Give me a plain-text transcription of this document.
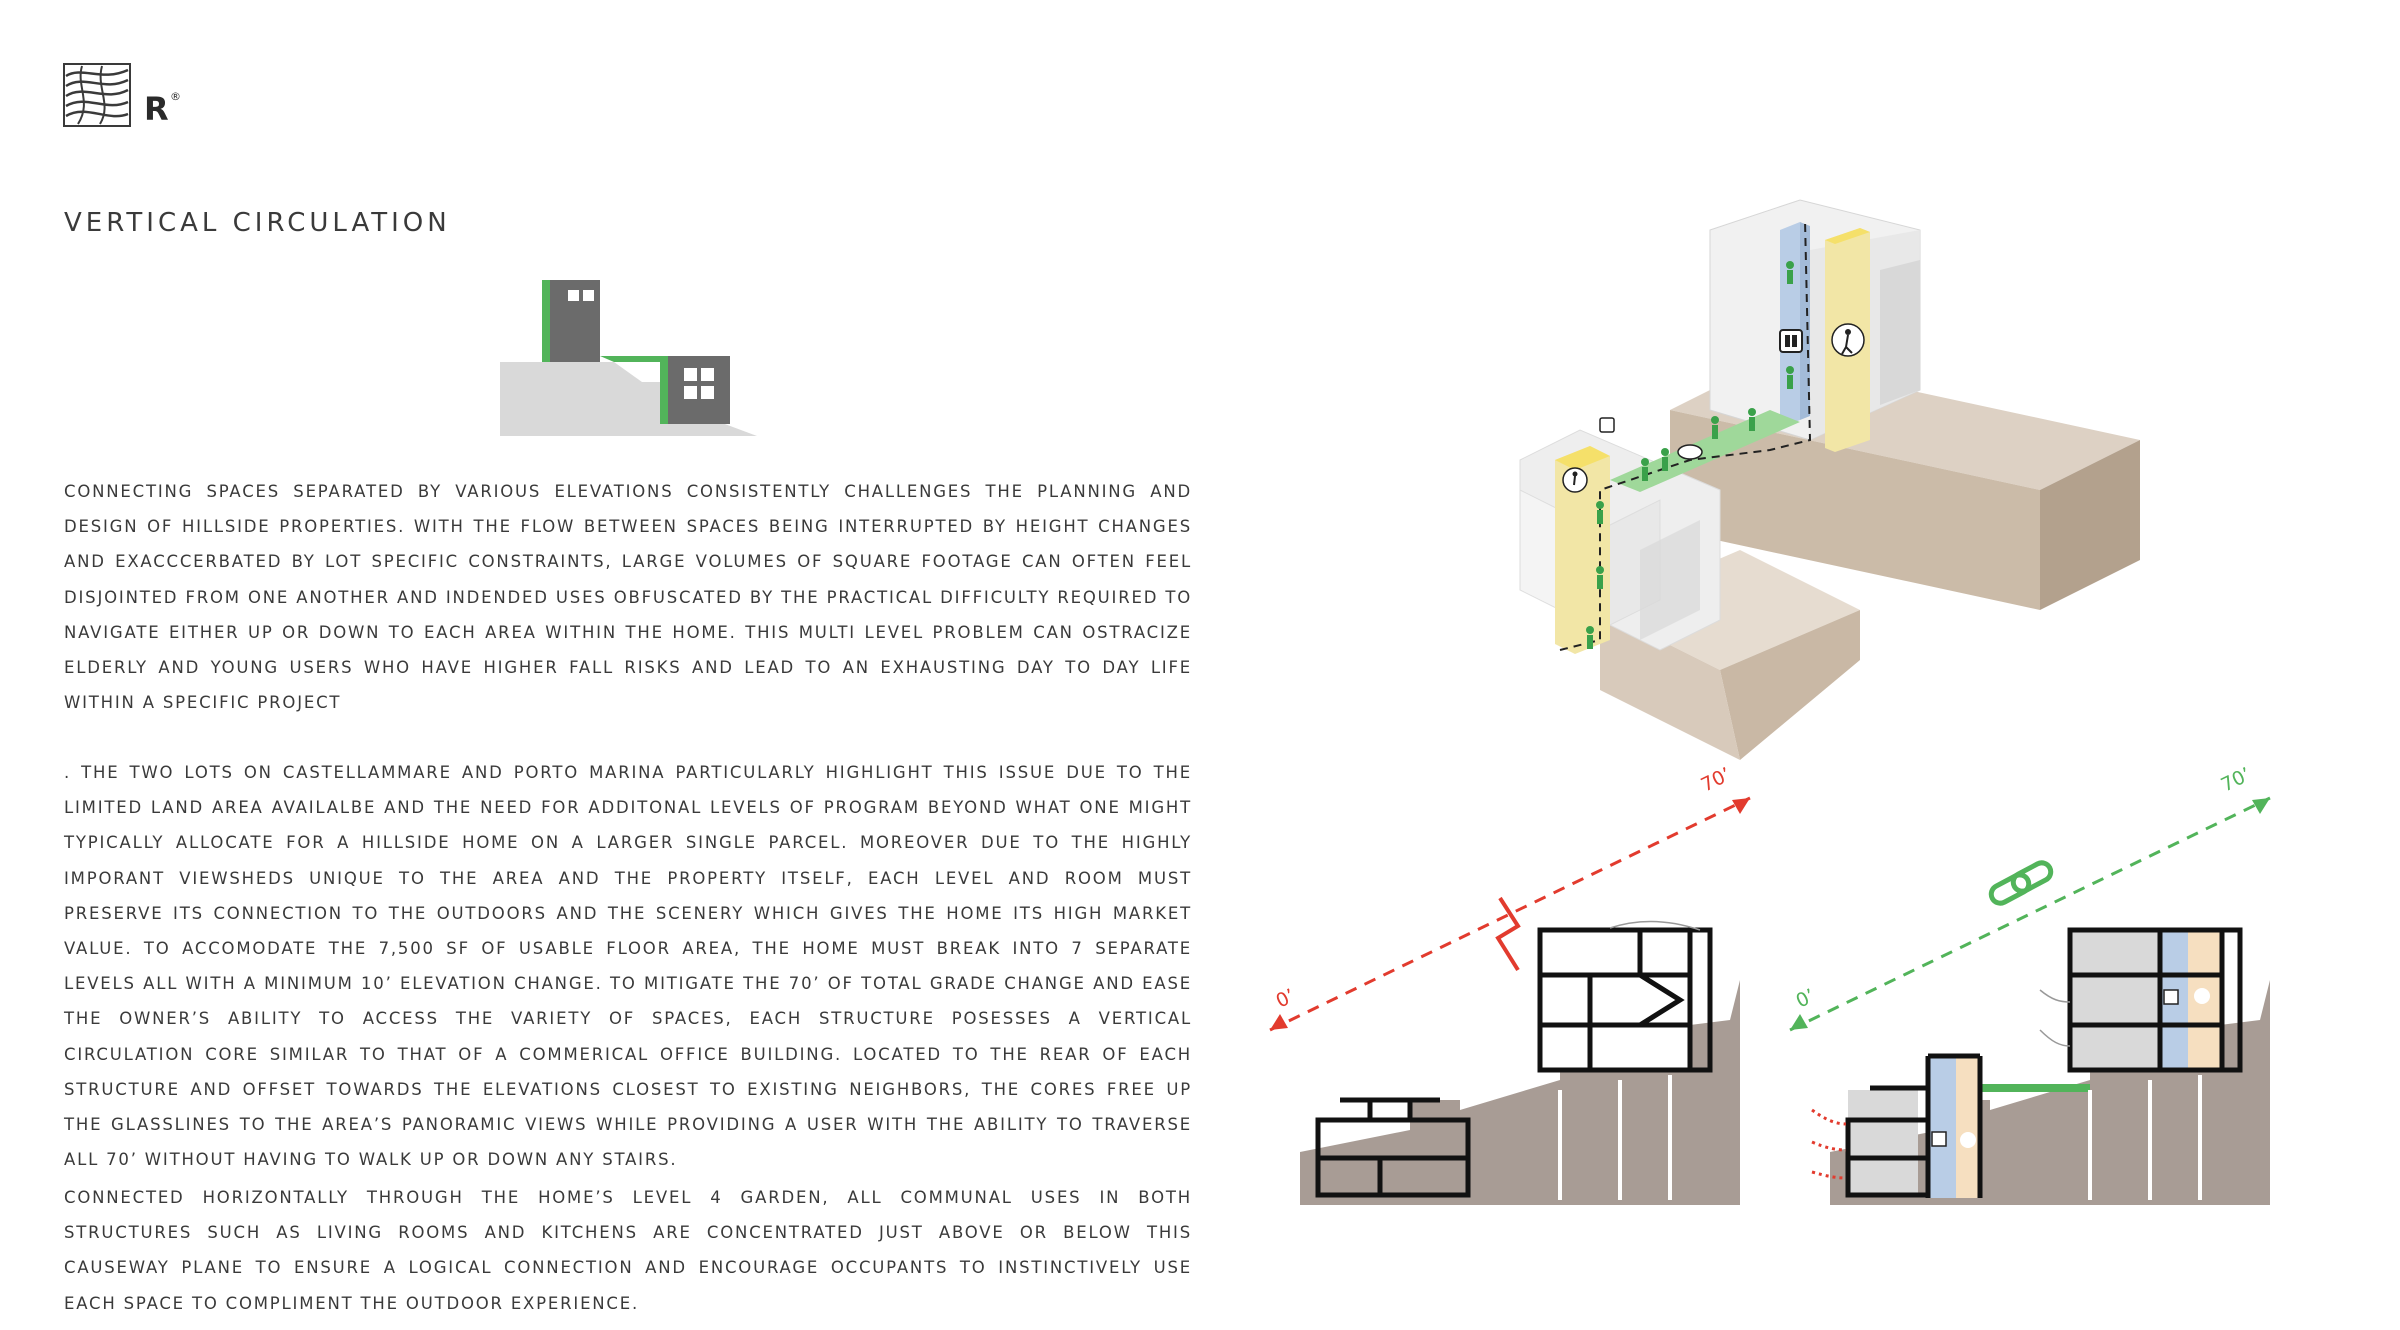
R ®
VERTICAL CIRCULATION

CONNECTING SPACES SEPARATED BY VARIOUS ELEVATIONS CONSISTENTLY CHALLENGES THE PLANNING AND DESIGN OF HILLSIDE PROPERTIES. WITH THE FLOW BETWEEN SPACES BEING INTERRUPTED BY HEIGHT CHANGES AND EXACCCERBATED BY LOT SPECIFIC CONSTRAINTS, LARGE VOLUMES OF SQUARE FOOTAGE CAN OFTEN FEEL DISJOINTED FROM ONE ANOTHER AND INDENDED USES OBFUSCATED BY THE PRACTICAL DIFFICULTY REQUIRED TO NAVIGATE EITHER UP OR DOWN TO EACH AREA WITHIN THE HOME. THIS MULTI LEVEL PROBLEM CAN OSTRACIZE ELDERLY AND YOUNG USERS WHO HAVE HIGHER FALL RISKS AND LEAD TO AN EXHAUSTING DAY TO DAY LIFE WITHIN A SPECIFIC PROJECT

. THE TWO LOTS ON CASTELLAMMARE AND PORTO MARINA PARTICULARLY HIGHLIGHT THIS ISSUE DUE TO THE LIMITED LAND AREA AVAILALBE AND THE NEED FOR ADDITONAL LEVELS OF PROGRAM BEYOND WHAT ONE MIGHT TYPICALLY ALLOCATE FOR A HILLSIDE HOME ON A LARGER SINGLE PARCEL. MOREOVER DUE TO THE HIGHLY IMPORANT VIEWSHEDS UNIQUE TO THE AREA AND THE PROPERTY ITSELF, EACH LEVEL AND ROOM MUST PRESERVE ITS CONNECTION TO THE OUTDOORS AND THE SCENERY WHICH GIVES THE HOME ITS HIGH MARKET VALUE. TO ACCOMODATE THE 7,500 SF OF USABLE FLOOR AREA, THE HOME MUST BREAK INTO 7 SEPARATE LEVELS ALL WITH A MINIMUM 10’ ELEVATION CHANGE. TO MITIGATE THE 70’ OF TOTAL GRADE CHANGE AND EASE THE OWNER’S ABILITY TO ACCESS THE VARIETY OF SPACES, EACH STRUCTURE POSESSES A VERTICAL CIRCULATION CORE SIMILAR TO THAT OF A COMMERICAL OFFICE BUILDING. LOCATED TO THE REAR OF EACH STRUCTURE AND OFFSET TOWARDS THE ELEVATIONS CLOSEST TO EXISTING NEIGHBORS, THE CORES FREE UP THE GLASSLINES TO THE AREA’S PANORAMIC VIEWS WHILE PROVIDING A USER WITH THE ABILITY TO TRAVERSE ALL 70’ WITHOUT HAVING TO WALK UP OR DOWN ANY STAIRS.

CONNECTED HORIZONTALLY THROUGH THE HOME’S LEVEL 4 GARDEN, ALL COMMUNAL USES IN BOTH STRUCTURES SUCH AS LIVING ROOMS AND KITCHENS ARE CONCENTRATED JUST ABOVE OR BELOW THIS CAUSEWAY PLANE TO ENSURE A LOGICAL CONNECTION AND ENCOURAGE OCCUPANTS TO INSTINCTIVELY USE EACH SPACE TO COMPLIMENT THE OUTDOOR EXPERIENCE.

70’
0’
70’
0’
